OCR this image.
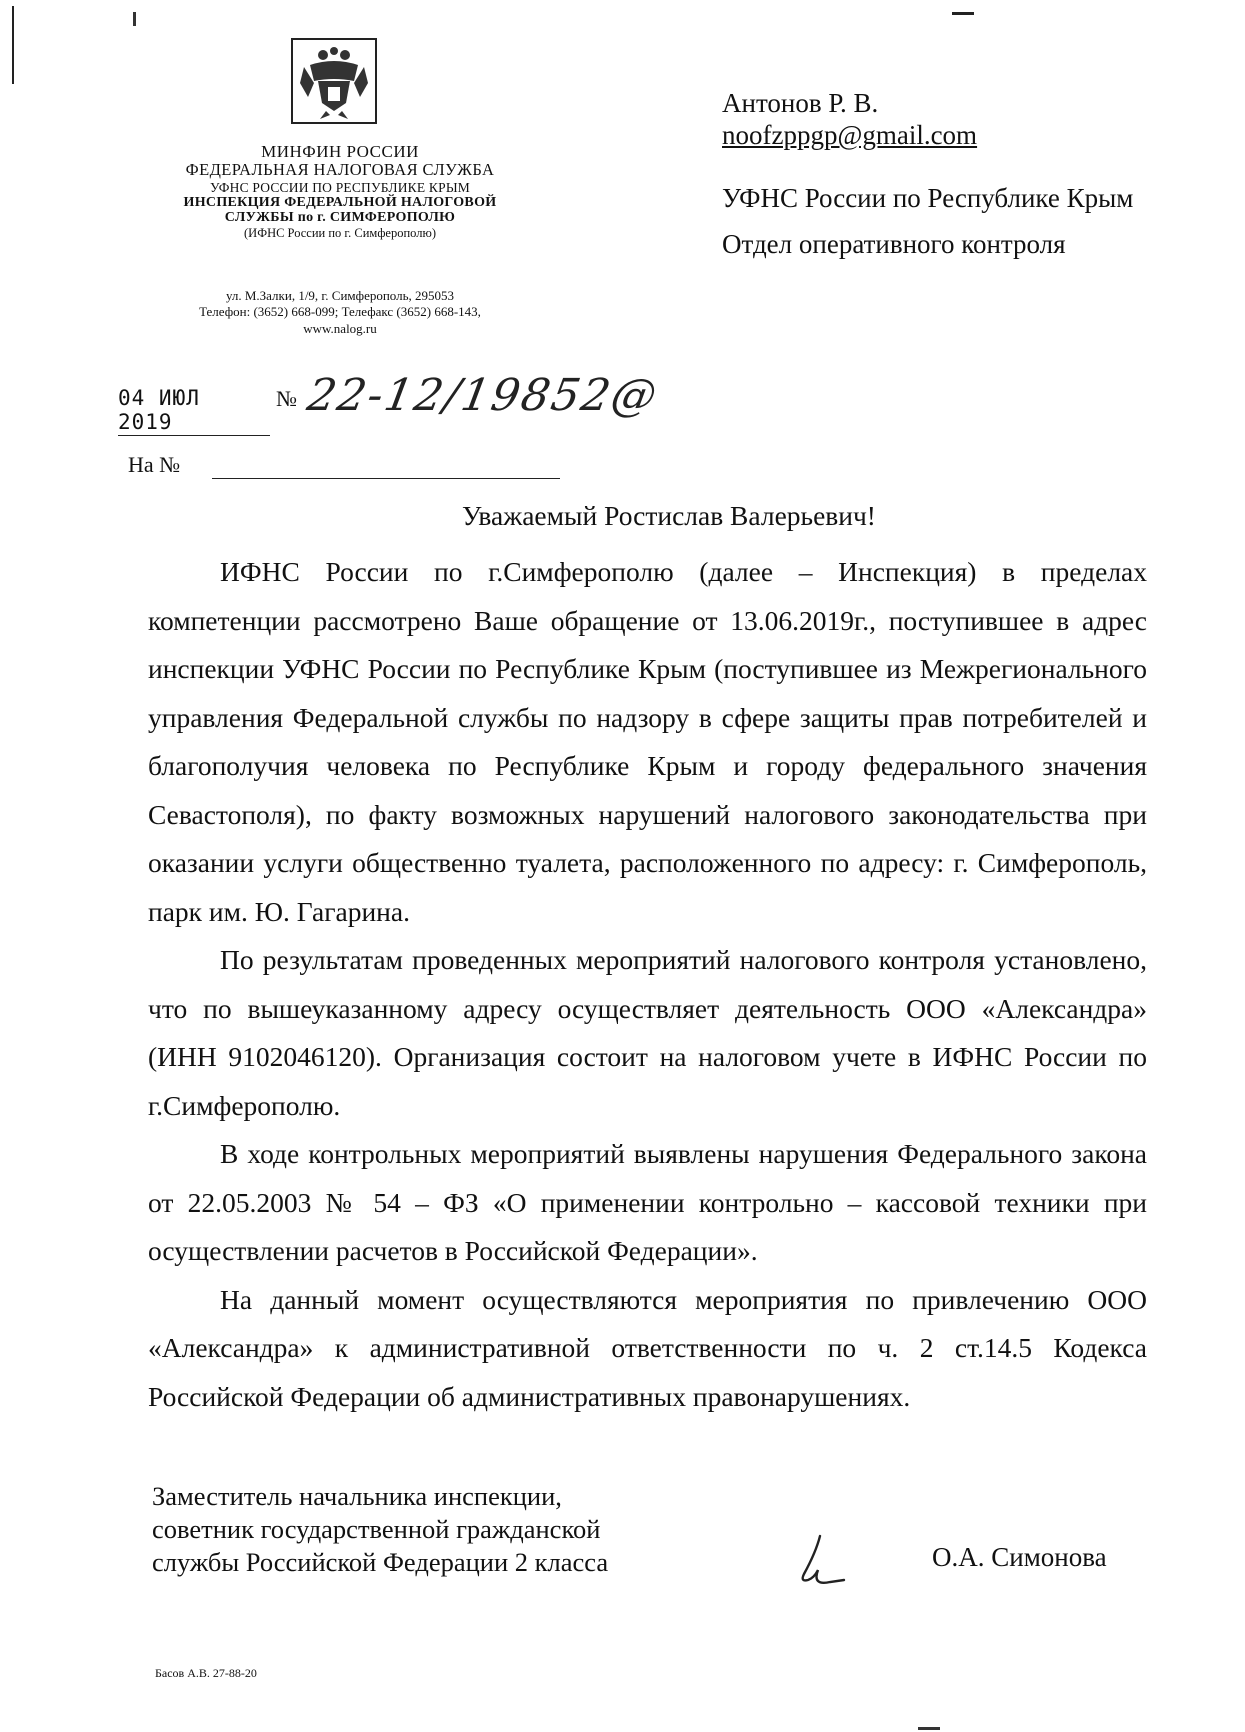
МИНФИН РОССИИ
ФЕДЕРАЛЬНАЯ НАЛОГОВАЯ СЛУЖБА
УФНС РОССИИ ПО РЕСПУБЛИКЕ КРЫМ
ИНСПЕКЦИЯ ФЕДЕРАЛЬНОЙ НАЛОГОВОЙ
СЛУЖБЫ по г. СИМФЕРОПОЛЮ
(ИФНС России по г. Симферополю)
ул. М.Залки, 1/9, г. Симферополь, 295053
Телефон: (3652) 668-099; Телефакс (3652) 668-143,
www.nalog.ru
04 ИЮЛ 2019
№ 22-12/19852@
На №
Антонов Р. В.
noofzppgp@gmail.com
УФНС России по Республике Крым
Отдел оперативного контроля
Уважаемый Ростислав Валерьевич!

ИФНС России по г.Симферополю (далее – Инспекция) в пределах компетенции рассмотрено Ваше обращение от 13.06.2019г., поступившее в адрес инспекции УФНС России по Республике Крым (поступившее из Межрегионального управления Федеральной службы по надзору в сфере защиты прав потребителей и благополучия человека по Республике Крым и городу федерального значения Севастополя), по факту возможных нарушений налогового законодательства при оказании услуги общественно туалета, расположенного по адресу: г. Симферополь, парк им. Ю. Гагарина.

По результатам проведенных мероприятий налогового контроля установлено, что по вышеуказанному адресу осуществляет деятельность ООО «Александра» (ИНН 9102046120). Организация состоит на налоговом учете в ИФНС России по г.Симферополю.

В ходе контрольных мероприятий выявлены нарушения Федерального закона от 22.05.2003 № 54 – ФЗ «О применении контрольно – кассовой техники при осуществлении расчетов в Российской Федерации».

На данный момент осуществляются мероприятия по привлечению ООО «Александра» к административной ответственности по ч. 2 ст.14.5 Кодекса Российской Федерации об административных правонарушениях.

Заместитель начальника инспекции,
советник государственной гражданской
службы Российской Федерации 2 класса	О.А. Симонова
Басов А.В. 27-88-20
